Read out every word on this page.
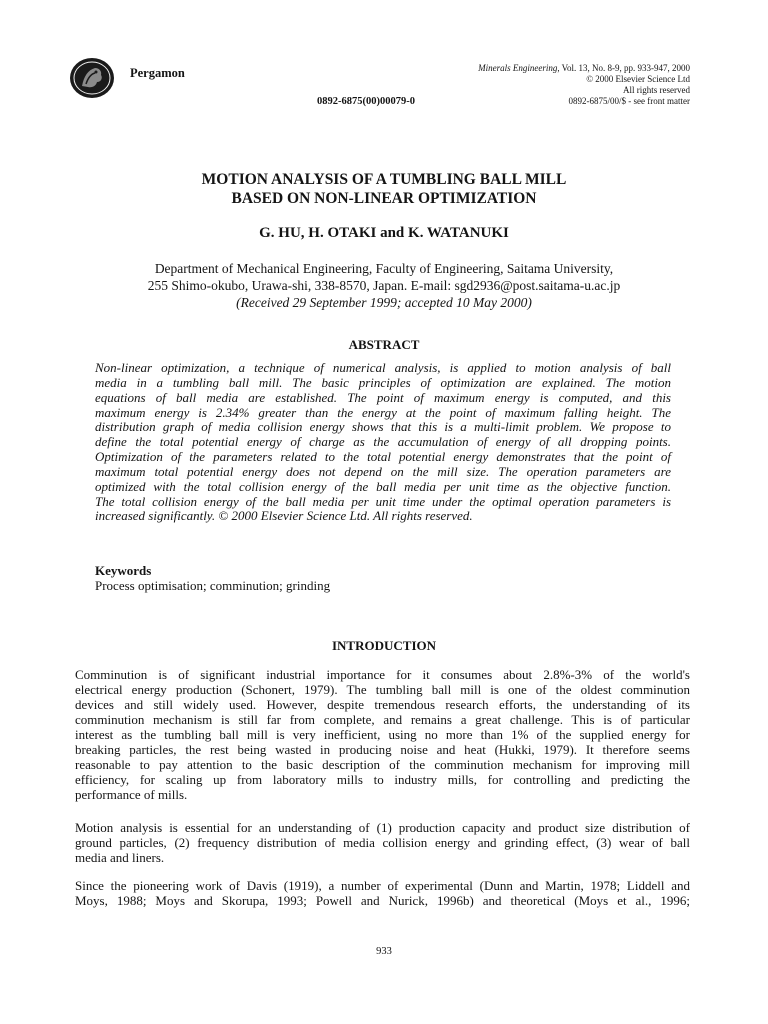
Pergamon	Minerals Engineering, Vol. 13, No. 8-9, pp. 933-947, 2000
© 2000 Elsevier Science Ltd
All rights reserved
0892-6875/00/$ - see front matter
0892-6875(00)00079-0
MOTION ANALYSIS OF A TUMBLING BALL MILL
BASED ON NON-LINEAR OPTIMIZATION
G. HU, H. OTAKI and K. WATANUKI
Department of Mechanical Engineering, Faculty of Engineering, Saitama University,
255 Shimo-okubo, Urawa-shi, 338-8570, Japan. E-mail: sgd2936@post.saitama-u.ac.jp
(Received 29 September 1999; accepted 10 May 2000)
ABSTRACT
Non-linear optimization, a technique of numerical analysis, is applied to motion analysis of ball
media in a tumbling ball mill. The basic principles of optimization are explained. The motion
equations of ball media are established. The point of maximum energy is computed, and this
maximum energy is 2.34% greater than the energy at the point of maximum falling height. The
distribution graph of media collision energy shows that this is a multi-limit problem. We propose to
define the total potential energy of charge as the accumulation of energy of all dropping points.
Optimization of the parameters related to the total potential energy demonstrates that the point of
maximum total potential energy does not depend on the mill size. The operation parameters are
optimized with the total collision energy of the ball media per unit time as the objective function.
The total collision energy of the ball media per unit time under the optimal operation parameters is
increased significantly. © 2000 Elsevier Science Ltd. All rights reserved.
Keywords
Process optimisation; comminution; grinding
INTRODUCTION
Comminution is of significant industrial importance for it consumes about 2.8%-3% of the world's
electrical energy production (Schonert, 1979). The tumbling ball mill is one of the oldest comminution
devices and still widely used. However, despite tremendous research efforts, the understanding of its
comminution mechanism is still far from complete, and remains a great challenge. This is of particular
interest as the tumbling ball mill is very inefficient, using no more than 1% of the supplied energy for
breaking particles, the rest being wasted in producing noise and heat (Hukki, 1979). It therefore seems
reasonable to pay attention to the basic description of the comminution mechanism for improving mill
efficiency, for scaling up from laboratory mills to industry mills, for controlling and predicting the
performance of mills.
Motion analysis is essential for an understanding of (1) production capacity and product size distribution of
ground particles, (2) frequency distribution of media collision energy and grinding effect, (3) wear of ball
media and liners.
Since the pioneering work of Davis (1919), a number of experimental (Dunn and Martin, 1978; Liddell and
Moys, 1988; Moys and Skorupa, 1993; Powell and Nurick, 1996b) and theoretical (Moys et al., 1996;
933
